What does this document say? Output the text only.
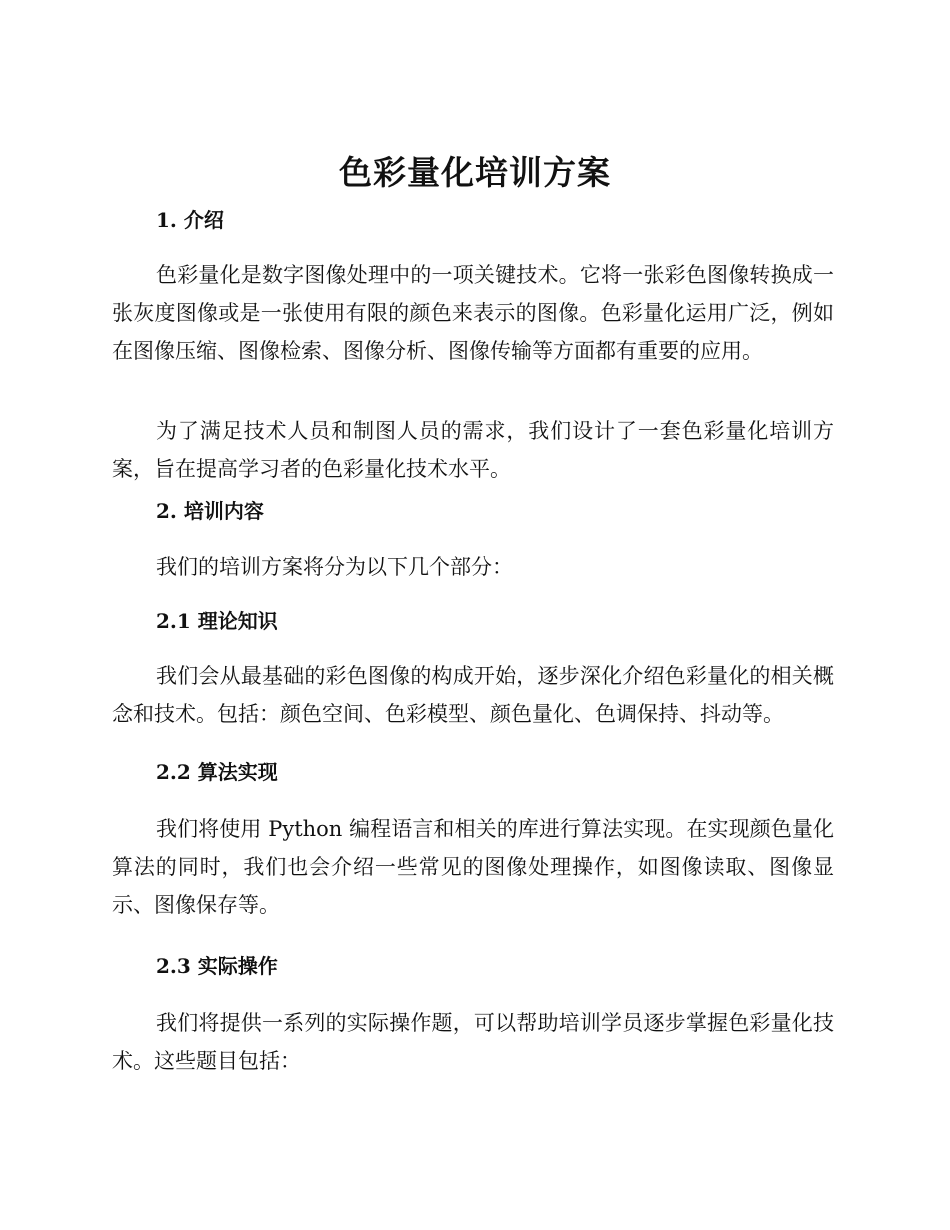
色彩量化培训方案
1. 介绍

色彩量化是数字图像处理中的一项关键技术。它将一张彩色图像转换成一张灰度图像或是一张使用有限的颜色来表示的图像。色彩量化运用广泛，例如在图像压缩、图像检索、图像分析、图像传输等方面都有重要的应用。

为了满足技术人员和制图人员的需求，我们设计了一套色彩量化培训方案，旨在提高学习者的色彩量化技术水平。

2. 培训内容

我们的培训方案将分为以下几个部分：

2.1 理论知识

我们会从最基础的彩色图像的构成开始，逐步深化介绍色彩量化的相关概念和技术。包括：颜色空间、色彩模型、颜色量化、色调保持、抖动等。

2.2 算法实现

我们将使用 Python 编程语言和相关的库进行算法实现。在实现颜色量化算法的同时，我们也会介绍一些常见的图像处理操作，如图像读取、图像显示、图像保存等。

2.3 实际操作

我们将提供一系列的实际操作题，可以帮助培训学员逐步掌握色彩量化技术。这些题目包括：
